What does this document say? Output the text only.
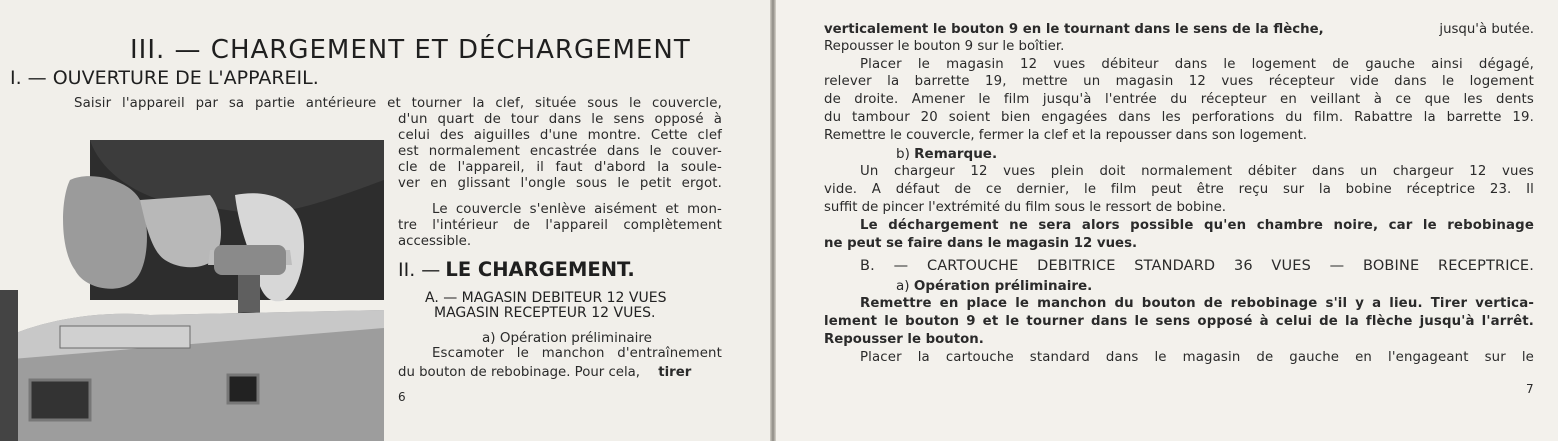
III. — CHARGEMENT ET DÉCHARGEMENT
I. — OUVERTURE DE L'APPAREIL.
Saisir l'appareil par sa partie antérieure et tourner la clef, située sous le couvercle,
d'un quart de tour dans le sens opposé à
celui des aiguilles d'une montre. Cette clef
est normalement encastrée dans le couver-
cle de l'appareil, il faut d'abord la soule-
ver en glissant l'ongle sous le petit ergot.
Le couvercle s'enlève aisément et mon-
tre l'intérieur de l'appareil complètement
accessible.
II. — LE CHARGEMENT.
A. — MAGASIN DEBITEUR 12 VUES
MAGASIN RECEPTEUR 12 VUES.
a) Opération préliminaire
Escamoter le manchon d'entraînement
du bouton de rebobinage. Pour cela, tirer
6
verticalement le bouton 9 en le tournant dans le sens de la flèche,	jusqu'à butée.
Repousser le bouton 9 sur le boîtier.
Placer le magasin 12 vues débiteur dans le logement de gauche ainsi dégagé,
relever la barrette 19, mettre un magasin 12 vues récepteur vide dans le logement
de droite. Amener le film jusqu'à l'entrée du récepteur en veillant à ce que les dents
du tambour 20 soient bien engagées dans les perforations du film. Rabattre la barrette 19.
Remettre le couvercle, fermer la clef et la repousser dans son logement.
b) Remarque.
Un chargeur 12 vues plein doit normalement débiter dans un chargeur 12 vues
vide. A défaut de ce dernier, le film peut être reçu sur la bobine réceptrice 23. Il
suffit de pincer l'extrémité du film sous le ressort de bobine.
Le déchargement ne sera alors possible qu'en chambre noire, car le rebobinage
ne peut se faire dans le magasin 12 vues.
B. — CARTOUCHE DEBITRICE STANDARD 36 VUES — BOBINE RECEPTRICE.
a) Opération préliminaire.
Remettre en place le manchon du bouton de rebobinage s'il y a lieu. Tirer vertica-
lement le bouton 9 et le tourner dans le sens opposé à celui de la flèche jusqu'à l'arrêt.
Repousser le bouton.
Placer la cartouche standard dans le magasin de gauche en l'engageant sur le
7
